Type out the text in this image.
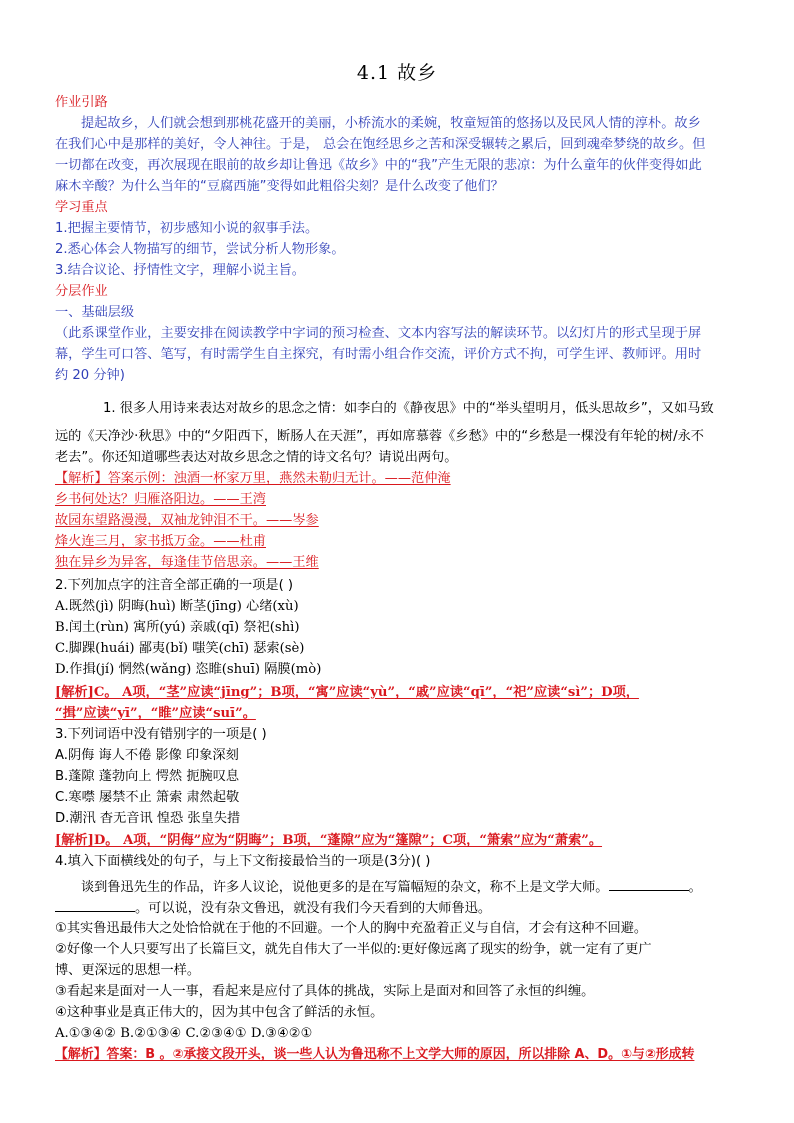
4.1 故乡
作业引路
提起故乡，人们就会想到那桃花盛开的美丽，小桥流水的柔婉，牧童短笛的悠扬以及民风人情的淳朴。故乡
在我们心中是那样的美好，令人神往。于是， 总会在饱经思乡之苦和深受辗转之累后，回到魂牵梦绕的故乡。但
一切都在改变，再次展现在眼前的故乡却让鲁迅《故乡》中的“我”产生无限的悲凉：为什么童年的伙伴变得如此
麻木辛酸？为什么当年的“豆腐西施”变得如此粗俗尖刻？是什么改变了他们？
学习重点
1.把握主要情节，初步感知小说的叙事手法。
2.悉心体会人物描写的细节，尝试分析人物形象。
3.结合议论、抒情性文字，理解小说主旨。
分层作业
一、基础层级
（此系课堂作业，主要安排在阅读教学中字词的预习检查、文本内容写法的解读环节。以幻灯片的形式呈现于屏
幕，学生可口答、笔写，有时需学生自主探究，有时需小组合作交流，评价方式不拘，可学生评、教师评。用时
约 20 分钟)
1. 很多人用诗来表达对故乡的思念之情：如李白的《静夜思》中的“举头望明月，低头思故乡”，又如马致
远的《天净沙·秋思》中的“夕阳西下，断肠人在天涯”，再如席慕蓉《乡愁》中的“乡愁是一棵没有年轮的树/永不
老去”。你还知道哪些表达对故乡思念之情的诗文名句？请说出两句。
【解析】答案示例：浊酒一杯家万里，燕然未勒归无计。——范仲淹
乡书何处达？归雁洛阳边。——王湾
故园东望路漫漫，双袖龙钟泪不干。——岑参
烽火连三月，家书抵万金。——杜甫
独在异乡为异客，每逢佳节倍思亲。——王维
2.下列加点字的注音全部正确的一项是( )
A.既然(jì) 阴晦(huì) 断茎(jīng) 心绪(xù)
B.闰土(rùn) 寓所(yú) 亲戚(qī) 祭祀(shì)
C.脚踝(huái) 鄙夷(bǐ) 嗤笑(chī) 瑟索(sè)
D.作揖(jí) 惘然(wǎng) 恣睢(shuī) 隔膜(mò)
[解析]C。 A项，“茎”应读“jīng”；B项，“寓”应读“yù”，“戚”应读“qī”，“祀”应读“sì”；D项，
“揖”应读“yī”，“睢”应读“suī”。
3.下列词语中没有错别字的一项是( )
A.阴侮 诲人不倦 影像 印象深刻
B.蓬隙 蓬勃向上 愕然 扼腕叹息
C.寒噤 屡禁不止 箫索 肃然起敬
D.潮汛 杳无音讯 惶恐 张皇失措
[解析]D。 A项，“阴侮”应为“阴晦”；B项，“蓬隙”应为“篷隙”；C项，“箫索”应为“萧索”。
4.填入下面横线处的句子，与上下文衔接最恰当的一项是(3分)( )
谈到鲁迅先生的作品，许多人议论，说他更多的是在写篇幅短的杂文，称不上是文学大师。	。
。可以说，没有杂文鲁迅，就没有我们今天看到的大师鲁迅。
①其实鲁迅最伟大之处恰恰就在于他的不回避。一个人的胸中充盈着正义与自信，才会有这种不回避。
②好像一个人只要写出了长篇巨文，就先自伟大了一半似的:更好像远离了现实的纷争，就一定有了更广
博、更深远的思想一样。
③看起来是面对一人一事，看起来是应付了具体的挑战，实际上是面对和回答了永恒的纠缠。
④这种事业是真正伟大的，因为其中包含了鲜活的永恒。
A.①③④② B.②①③④ C.②③④① D.③④②①
【解析】答案：B 。②承接文段开头，谈一些人认为鲁迅称不上文学大师的原因，所以排除 A、D。①与②形成转
